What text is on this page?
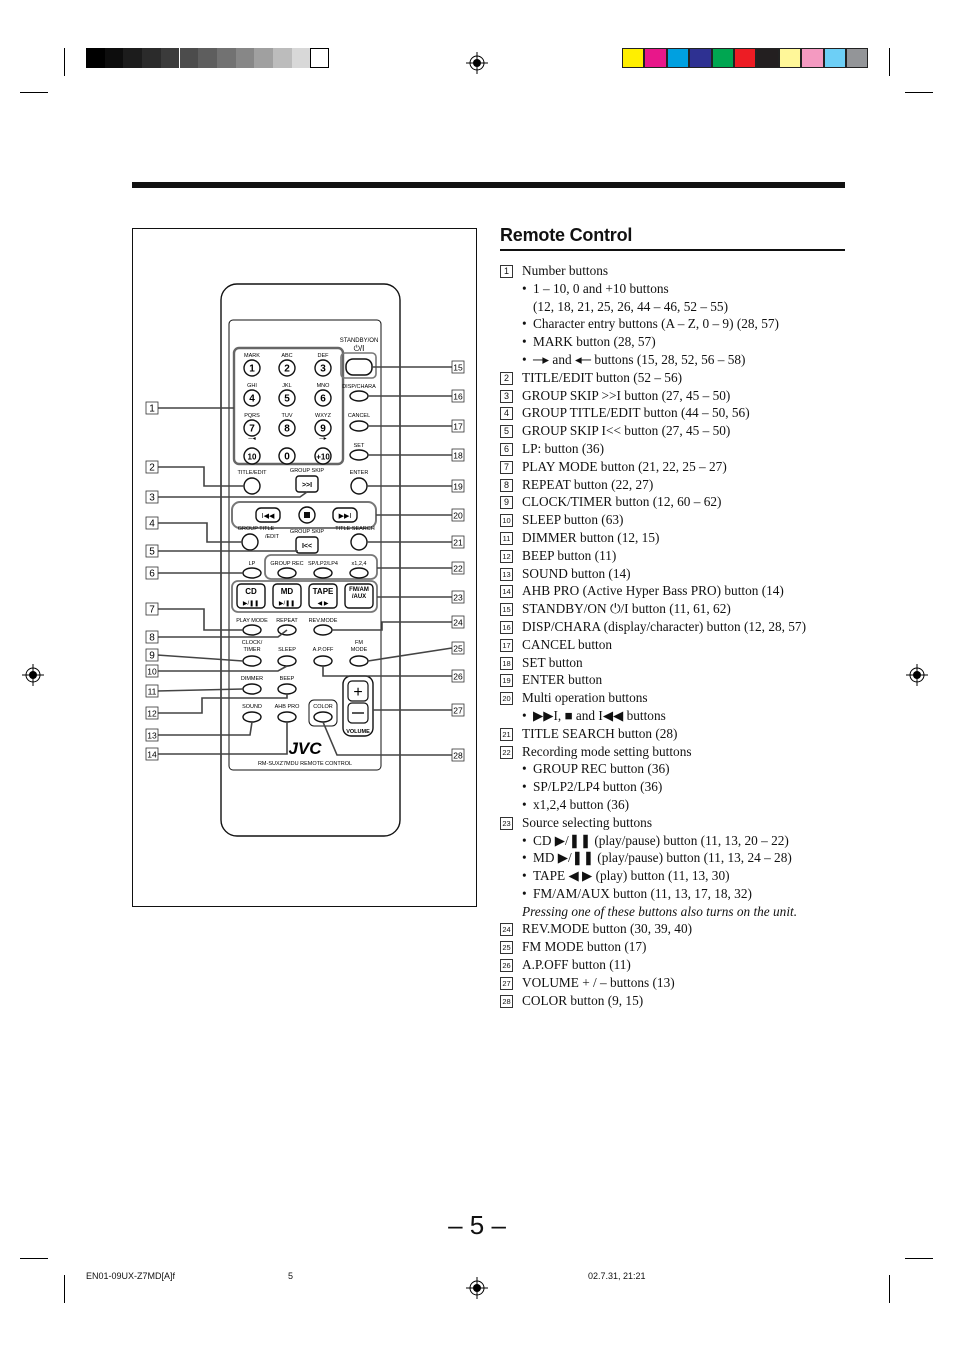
MARK
1
ABC
2
DEF
3
GHI
4
JKL
5
MNO
6
PQRS
7
TUV
8
WXYZ
9
10	0	+10
─◂	─▸
STANDBY/ON
⏻/I
DISP/CHARA
CANCEL
SET
ENTER
TITLE/EDIT	GROUP SKIP
>>I
I◀◀	▶▶I
GROUP TITLE
/EDIT
GROUP SKIP
I<<
TITLE SEARCH
LP	GROUP REC SP/LP2/LP4 x1,2,4
CD
▶/❚❚
MD
▶/❚❚
TAPE
◀ ▶
FM/AM
/AUX
PLAY MODE REPEAT REV.MODE
CLOCK/
TIMER	SLEEP	A.P.OFF
FM
MODE
DIMMER	BEEP
SOUND AHB PRO	COLOR
+
VOLUME
JVC
RM-SUXZ7MDU REMOTE CONTROL
1
2
3
4
5
6
7
8
9
10
11
12
13
14
15
16
17
18
19
20
21
22
23
24
25
26
27
28
Remote Control
1 Number buttons
• 1 – 10, 0 and +10 buttons
(12, 18, 21, 25, 26, 44 – 46, 52 – 55)
• Character entry buttons (A – Z, 0 – 9) (28, 57)
• MARK button (28, 57)
• ─▸ and ◂─ buttons (15, 28, 52, 56 – 58)
2 TITLE/EDIT button (52 – 56)
3 GROUP SKIP >>I button (27, 45 – 50)
4 GROUP TITLE/EDIT button (44 – 50, 56)
5 GROUP SKIP I<< button (27, 45 – 50)
6 LP: button (36)
7 PLAY MODE button (21, 22, 25 – 27)
8 REPEAT button (22, 27)
9 CLOCK/TIMER button (12, 60 – 62)
10 SLEEP button (63)
11 DIMMER button (12, 15)
12 BEEP button (11)
13 SOUND button (14)
14 AHB PRO (Active Hyper Bass PRO) button (14)
15 STANDBY/ON ⏻/I button (11, 61, 62)
16 DISP/CHARA (display/character) button (12, 28, 57)
17 CANCEL button
18 SET button
19 ENTER button
20 Multi operation buttons
• ▶▶I, ■ and I◀◀ buttons
21 TITLE SEARCH button (28)
22 Recording mode setting buttons
• GROUP REC button (36)
• SP/LP2/LP4 button (36)
• x1,2,4 button (36)
23 Source selecting buttons
• CD ▶/❚❚ (play/pause) button (11, 13, 20 – 22)
• MD ▶/❚❚ (play/pause) button (11, 13, 24 – 28)
• TAPE ◀ ▶ (play) button (11, 13, 30)
• FM/AM/AUX button (11, 13, 17, 18, 32)
Pressing one of these buttons also turns on the unit.
24 REV.MODE button (30, 39, 40)
25 FM MODE button (17)
26 A.P.OFF button (11)
27 VOLUME + / – buttons (13)
28 COLOR button (9, 15)
– 5 –
EN01-09UX-Z7MD[A]f	5	02.7.31, 21:21
